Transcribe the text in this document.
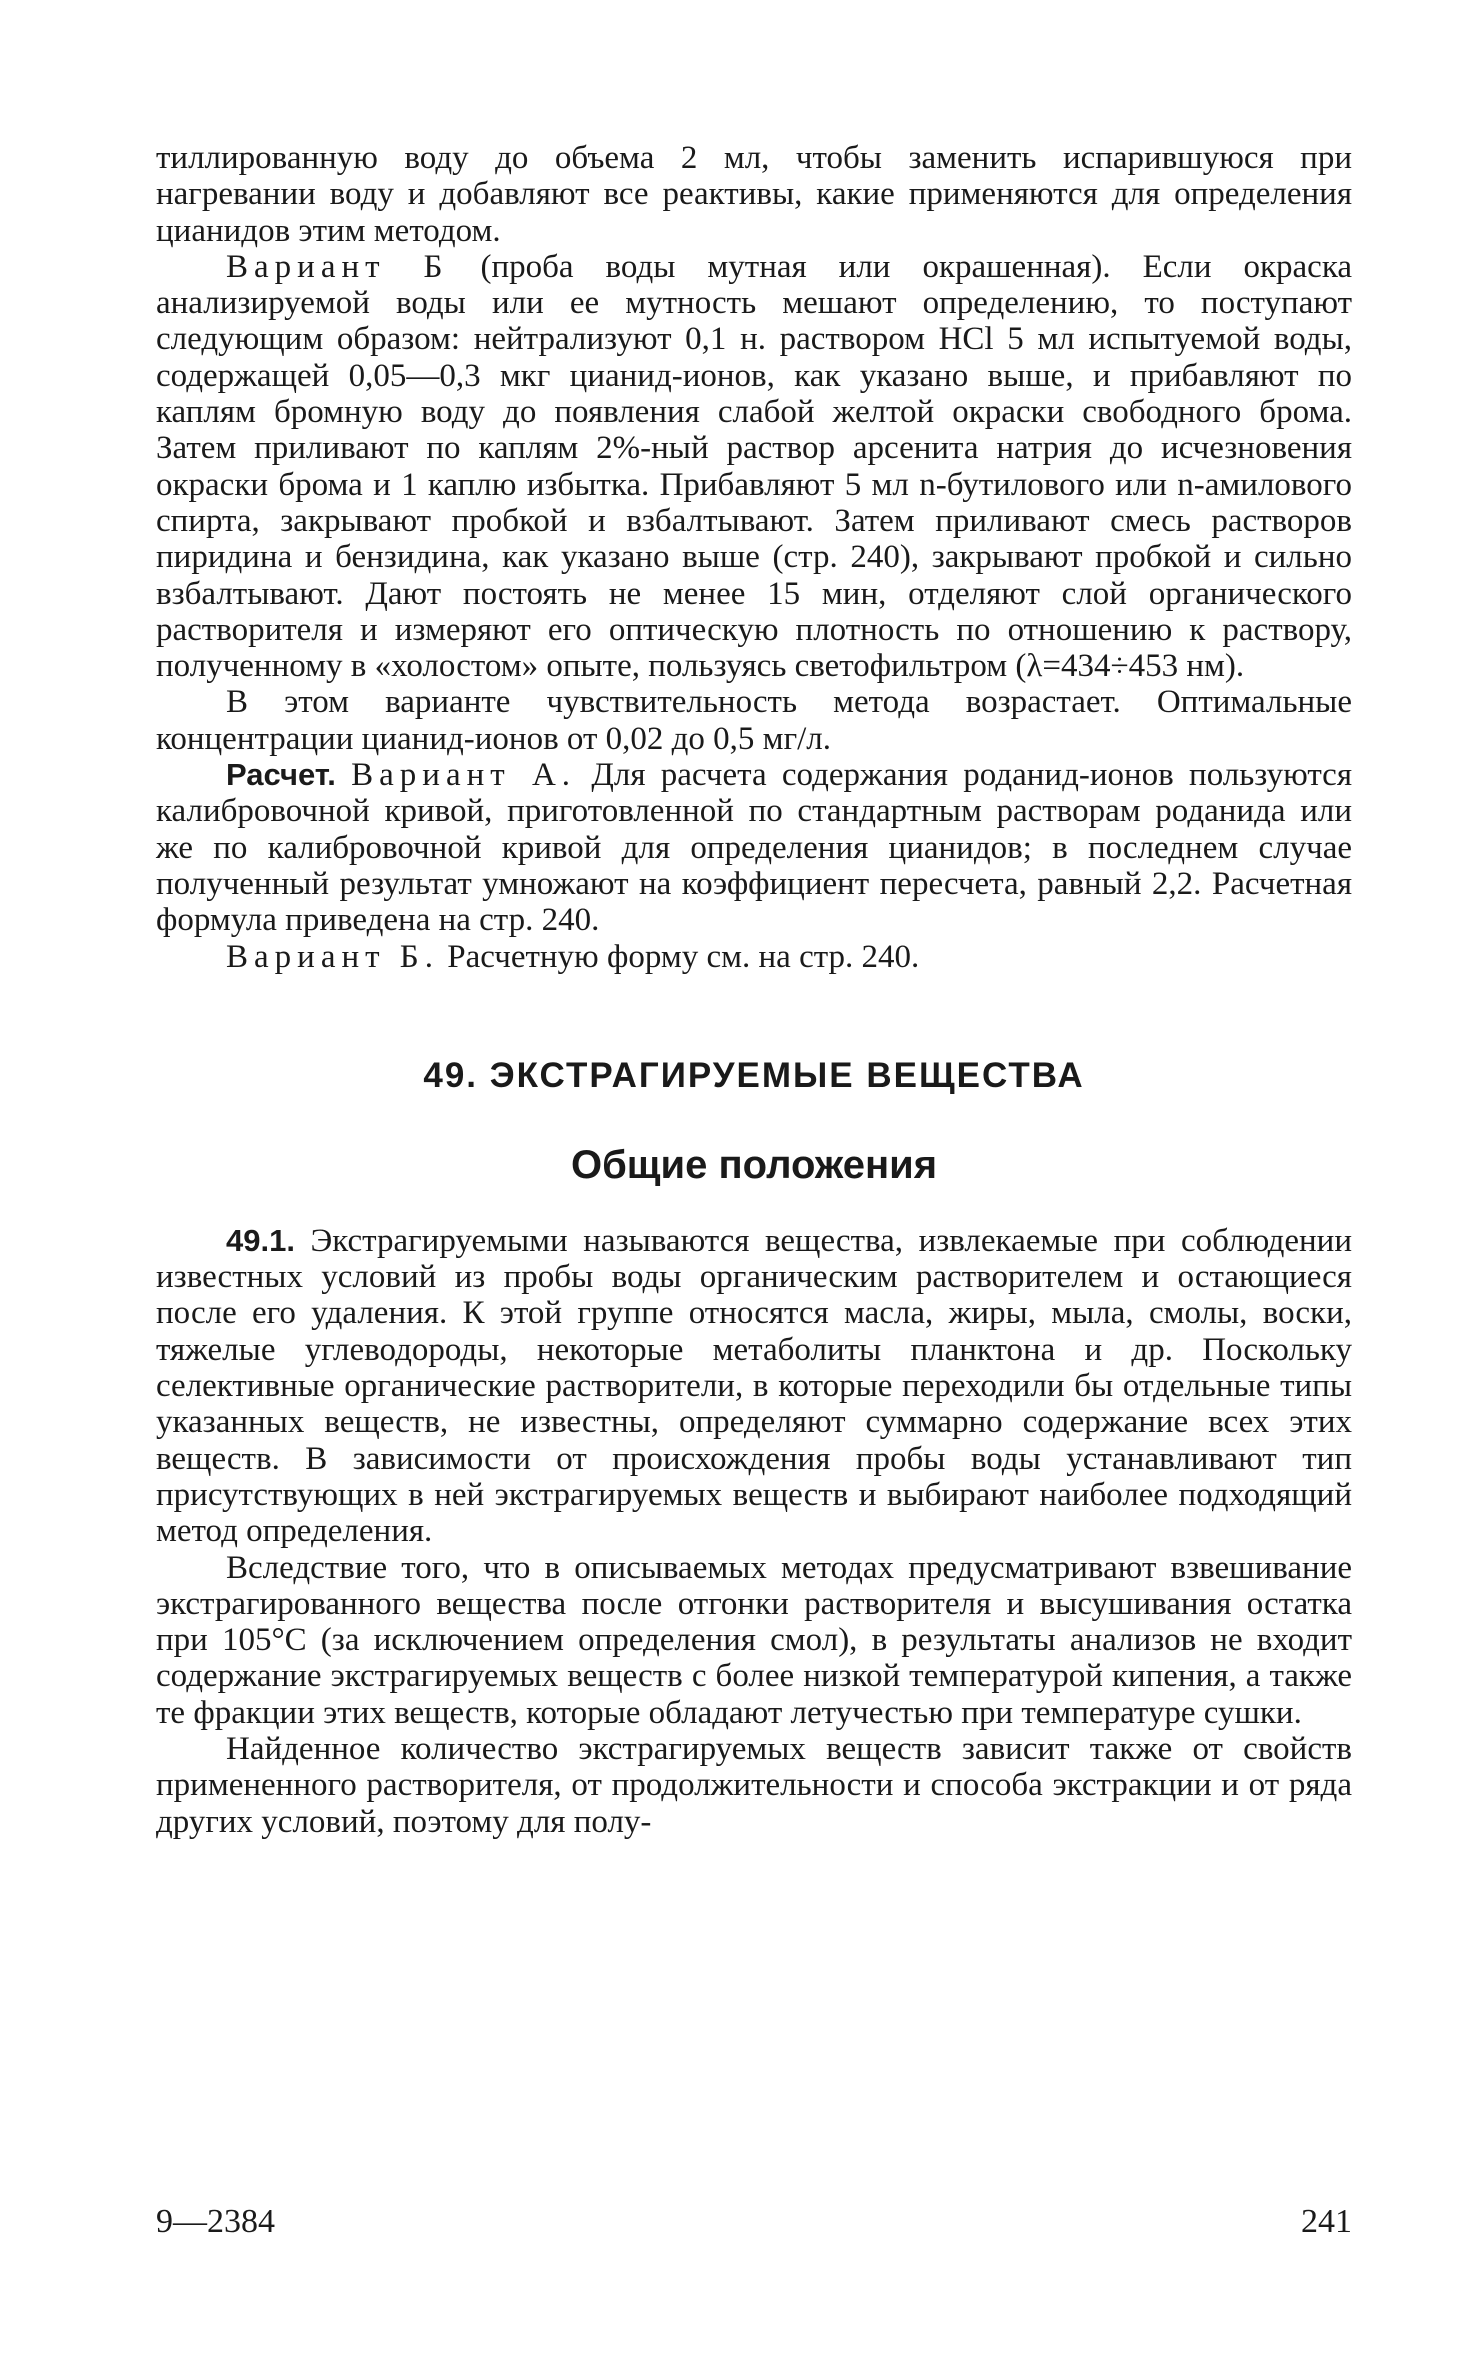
тиллированную воду до объема 2 мл, чтобы заменить испарившуюся при нагревании воду и добавляют все реактивы, какие применяются для определения цианидов этим методом.

Вариант Б (проба воды мутная или окрашенная). Если окраска анализируемой воды или ее мутность мешают определению, то поступают следующим образом: нейтрализуют 0,1 н. раствором HCl 5 мл испытуемой воды, содержащей 0,05—0,3 мкг цианид-ионов, как указано выше, и прибавляют по каплям бромную воду до появления слабой желтой окраски свободного брома. Затем приливают по каплям 2%-ный раствор арсенита натрия до исчезновения окраски брома и 1 каплю избытка. Прибавляют 5 мл n-бутилового или n-амилового спирта, закрывают пробкой и взбалтывают. Затем приливают смесь растворов пиридина и бензидина, как указано выше (стр. 240), закрывают пробкой и сильно взбалтывают. Дают постоять не менее 15 мин, отделяют слой органического растворителя и измеряют его оптическую плотность по отношению к раствору, полученному в «холостом» опыте, пользуясь светофильтром (λ=434÷453 нм).

В этом варианте чувствительность метода возрастает. Оптимальные концентрации цианид-ионов от 0,02 до 0,5 мг/л.

Расчет. Вариант А. Для расчета содержания роданид-ионов пользуются калибровочной кривой, приготовленной по стандартным растворам роданида или же по калибровочной кривой для определения цианидов; в последнем случае полученный результат умножают на коэффициент пересчета, равный 2,2. Расчетная формула приведена на стр. 240.

Вариант Б. Расчетную форму см. на стр. 240.

49. ЭКСТРАГИРУЕМЫЕ ВЕЩЕСТВА
Общие положения

49.1. Экстрагируемыми называются вещества, извлекаемые при соблюдении известных условий из пробы воды органическим растворителем и остающиеся после его удаления. К этой группе относятся масла, жиры, мыла, смолы, воски, тяжелые углеводороды, некоторые метаболиты планктона и др. Поскольку селективные органические растворители, в которые переходили бы отдельные типы указанных веществ, не известны, определяют суммарно содержание всех этих веществ. В зависимости от происхождения пробы воды устанавливают тип присутствующих в ней экстрагируемых веществ и выбирают наиболее подходящий метод определения.

Вследствие того, что в описываемых методах предусматривают взвешивание экстрагированного вещества после отгонки растворителя и высушивания остатка при 105°С (за исключением определения смол), в результаты анализов не входит содержание экстрагируемых веществ с более низкой температурой кипения, а также те фракции этих веществ, которые обладают летучестью при температуре сушки.

Найденное количество экстрагируемых веществ зависит также от свойств примененного растворителя, от продолжительности и способа экстракции и от ряда других условий, поэтому для полу-

9—2384	241
